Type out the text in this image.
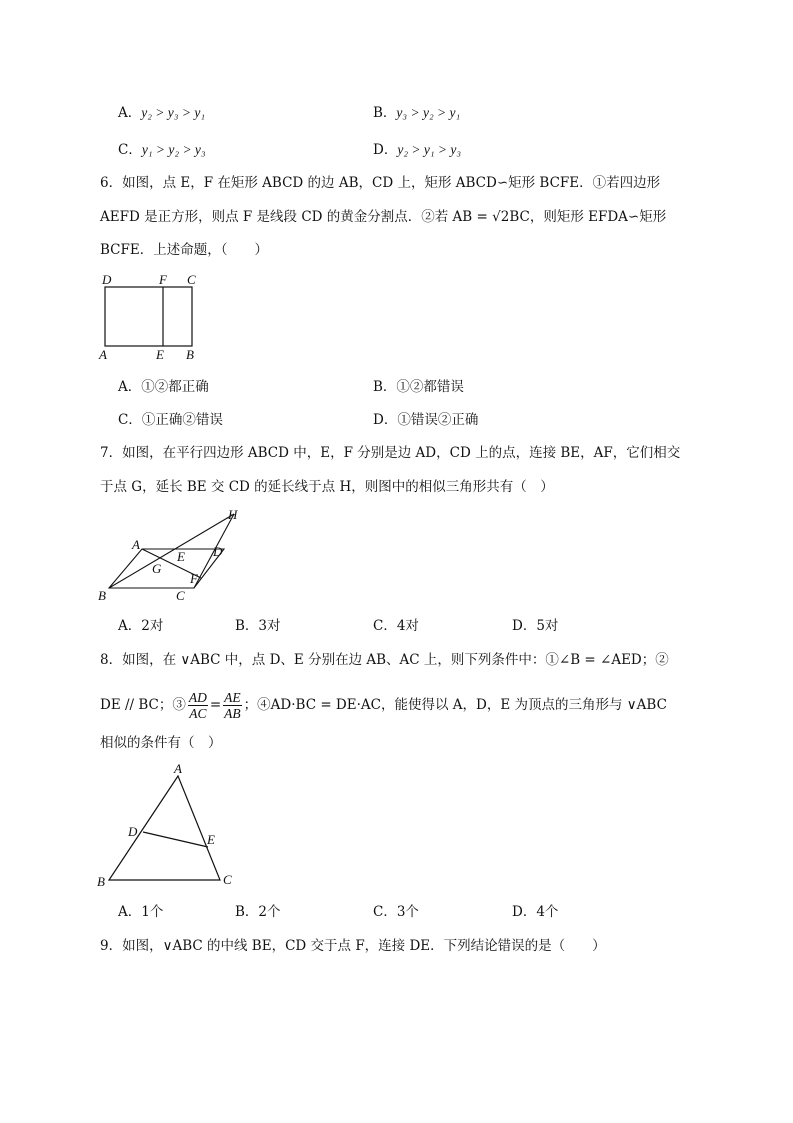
A．y₂ > y₃ > y₁	B．y₃ > y₂ > y₁
C．y₁ > y₂ > y₃	D．y₂ > y₁ > y₃
6．如图，点 E，F 在矩形 ABCD 的边 AB，CD 上，矩形 ABCD∽矩形 BCFE．①若四边形
AEFD 是正方形，则点 F 是线段 CD 的黄金分割点．②若 AB = √2BC，则矩形 EFDA∽矩形
BCFE．上述命题，（　　）
D	F C
A	E B
A．①②都正确	B．①②都错误
C．①正确②错误	D．①错误②正确
7．如图，在平行四边形 ABCD 中，E，F 分别是边 AD，CD 上的点，连接 BE，AF，它们相交
于点 G，延长 BE 交 CD 的延长线于点 H，则图中的相似三角形共有（　）
H
A
E D
G
F
B	C
A．2对	B．3对	C．4对	D．5对
8．如图，在 ∨ABC 中，点 D、E 分别在边 AB、AC 上，则下列条件中：①∠B = ∠AED；②
DE // BC；③ $\frac{AD}{AC} = \frac{AE}{AB}$ ；④AD·BC = DE·AC，能使得以 A，D，E 为顶点的三角形与 ∨ABC
相似的条件有（　）
A
D
E
B	C
A．1个	B．2个	C．3个	D．4个
9．如图，∨ABC 的中线 BE，CD 交于点 F，连接 DE．下列结论错误的是（　　）
